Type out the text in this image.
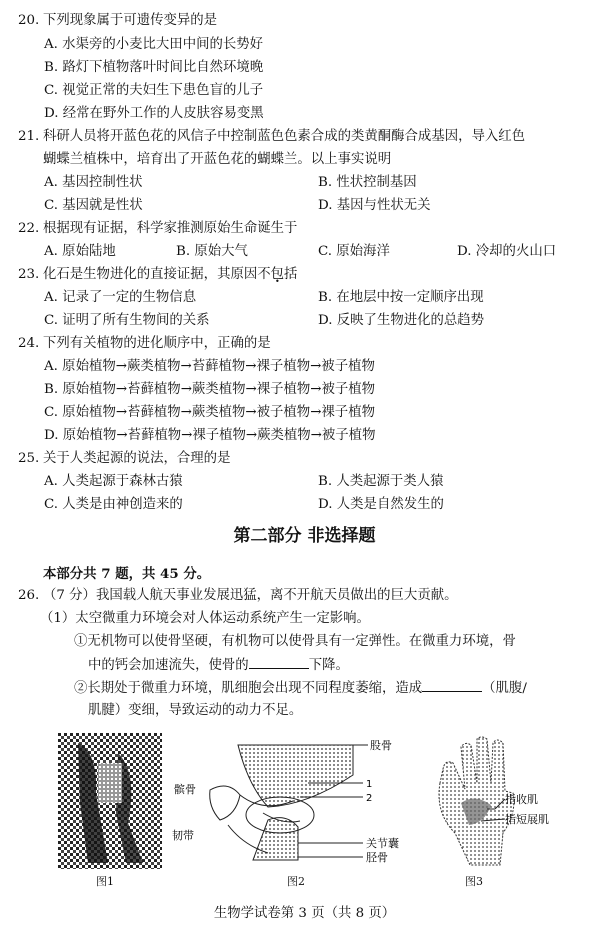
20. 下列现象属于可遗传变异的是
A. 水渠旁的小麦比大田中间的长势好
B. 路灯下植物落叶时间比自然环境晚
C. 视觉正常的夫妇生下患色盲的儿子
D. 经常在野外工作的人皮肤容易变黑
21. 科研人员将开蓝色花的风信子中控制蓝色色素合成的类黄酮酶合成基因，导入红色
蝴蝶兰植株中，培育出了开蓝色花的蝴蝶兰。以上事实说明
A. 基因控制性状	B. 性状控制基因
C. 基因就是性状	D. 基因与性状无关
22. 根据现有证据，科学家推测原始生命诞生于
A. 原始陆地	B. 原始大气	C. 原始海洋	D. 冷却的火山口
23. 化石是生物进化的直接证据，其原因不包括
A. 记录了一定的生物信息	B. 在地层中按一定顺序出现
C. 证明了所有生物间的关系	D. 反映了生物进化的总趋势
24. 下列有关植物的进化顺序中，正确的是
A. 原始植物→蕨类植物→苔藓植物→裸子植物→被子植物
B. 原始植物→苔藓植物→蕨类植物→裸子植物→被子植物
C. 原始植物→苔藓植物→蕨类植物→被子植物→裸子植物
D. 原始植物→苔藓植物→裸子植物→蕨类植物→被子植物
25. 关于人类起源的说法，合理的是
A. 人类起源于森林古猿	B. 人类起源于类人猿
C. 人类是由神创造来的	D. 人类是自然发生的
第二部分 非选择题
本部分共 7 题，共 45 分。
26. （7 分）我国载人航天事业发展迅猛，离不开航天员做出的巨大贡献。
（1）太空微重力环境会对人体运动系统产生一定影响。
①无机物可以使骨坚硬，有机物可以使骨具有一定弹性。在微重力环境，骨
中的钙会加速流失，使骨的	下降。
②长期处于微重力环境，肌细胞会出现不同程度萎缩，造成	（肌腹/
肌腱）变细，导致运动的动力不足。
图1
股骨
1
2
关节囊
胫骨
髌骨
韧带
图2
指收肌
指短展肌
图3
生物学试卷第 3 页（共 8 页）
